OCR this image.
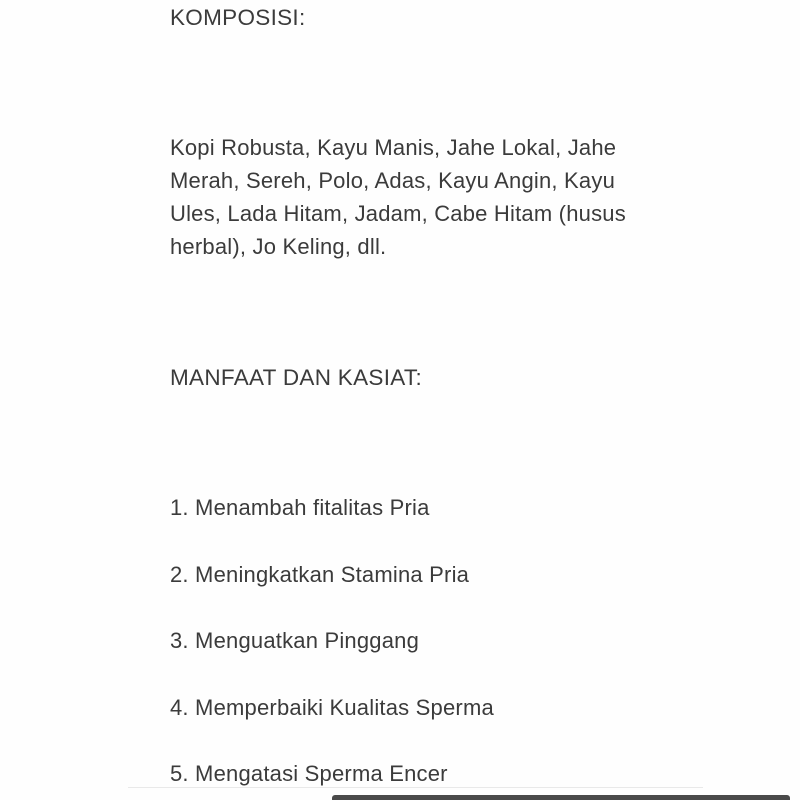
KOMPOSISI:
Kopi Robusta, Kayu Manis, Jahe Lokal, Jahe Merah, Sereh, Polo, Adas, Kayu Angin, Kayu Ules, Lada Hitam, Jadam, Cabe Hitam (husus herbal), Jo Keling, dll.
MANFAAT DAN KASIAT:
1. Menambah fitalitas Pria
2. Meningkatkan Stamina Pria
3. Menguatkan Pinggang
4. Memperbaiki Kualitas Sperma
5. Mengatasi Sperma Encer
